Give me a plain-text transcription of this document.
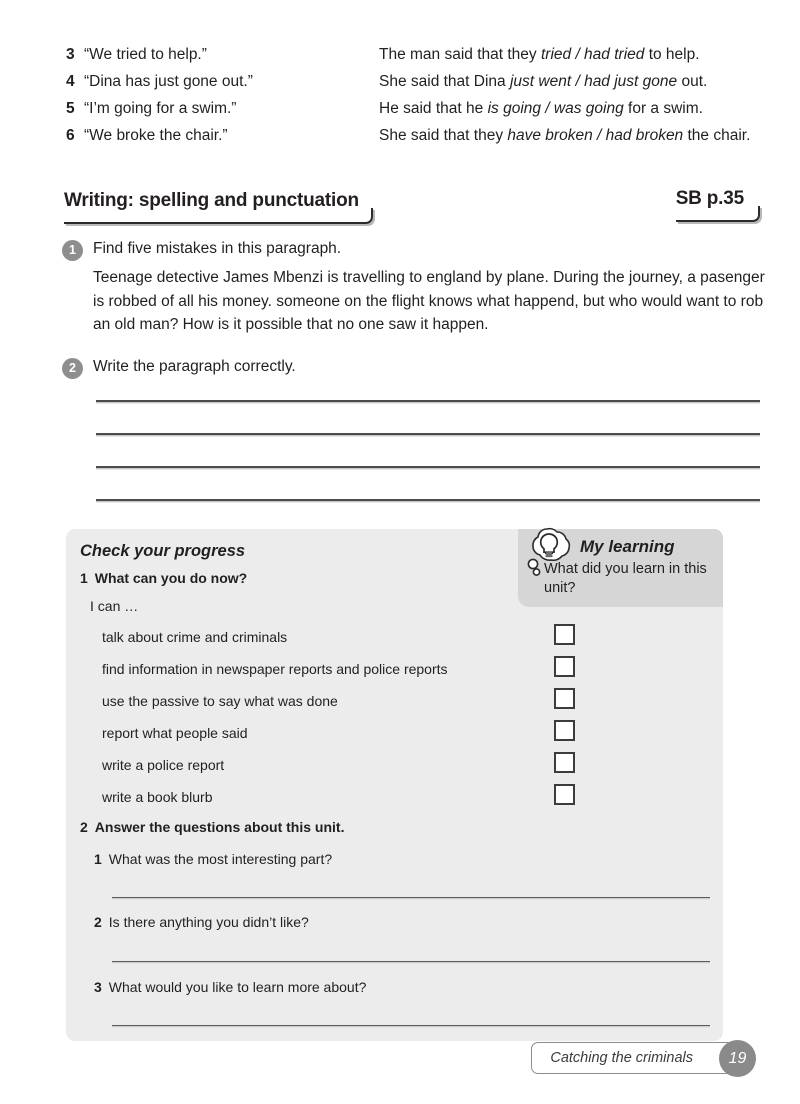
3 “We tried to help.”	The man said that they tried / had tried to help.
4 “Dina has just gone out.”	She said that Dina just went / had just gone out.
5 “I’m going for a swim.”	He said that he is going / was going for a swim.
6 “We broke the chair.”	She said that they have broken / had broken the chair.
Writing: spelling and punctuation	SB p.35
1	Find five mistakes in this paragraph.
Teenage detective James Mbenzi is travelling to england by plane. During the journey, a pasenger is robbed of all his money. someone on the flight knows what happend, but who would want to rob an old man? How is it possible that no one saw it happen.
2	Write the paragraph correctly.
Check your progress
1 What can you do now?
I can …
My learning
What did you learn in this unit?
talk about crime and criminals
find information in newspaper reports and police reports
use the passive to say what was done
report what people said
write a police report
write a book blurb
2 Answer the questions about this unit.
1 What was the most interesting part?
2 Is there anything you didn’t like?
3 What would you like to learn more about?
Catching the criminals	19
